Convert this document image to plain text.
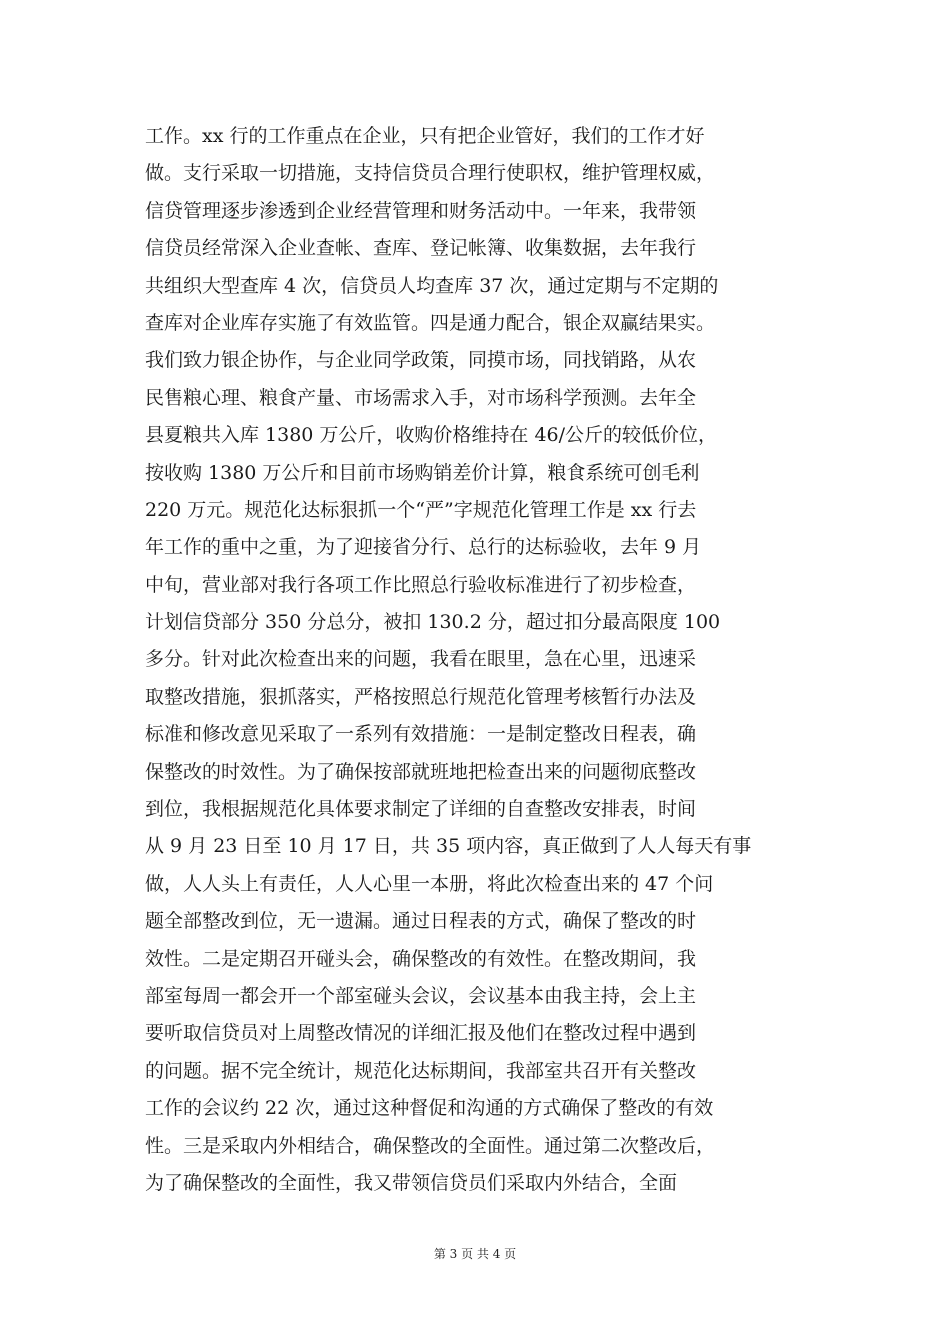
工作。xx 行的工作重点在企业，只有把企业管好，我们的工作才好
做。支行采取一切措施，支持信贷员合理行使职权，维护管理权威，
信贷管理逐步渗透到企业经营管理和财务活动中。一年来，我带领
信贷员经常深入企业查帐、查库、登记帐簿、收集数据，去年我行
共组织大型查库 4 次，信贷员人均查库 37 次，通过定期与不定期的
查库对企业库存实施了有效监管。四是通力配合，银企双赢结果实。
我们致力银企协作，与企业同学政策，同摸市场，同找销路，从农
民售粮心理、粮食产量、市场需求入手，对市场科学预测。去年全
县夏粮共入库 1380 万公斤，收购价格维持在 46/公斤的较低价位，
按收购 1380 万公斤和目前市场购销差价计算，粮食系统可创毛利
220 万元。规范化达标狠抓一个“严”字规范化管理工作是 xx 行去
年工作的重中之重，为了迎接省分行、总行的达标验收，去年 9 月
中旬，营业部对我行各项工作比照总行验收标准进行了初步检查，
计划信贷部分 350 分总分，被扣 130.2 分，超过扣分最高限度 100
多分。针对此次检查出来的问题，我看在眼里，急在心里，迅速采
取整改措施，狠抓落实，严格按照总行规范化管理考核暂行办法及
标准和修改意见采取了一系列有效措施：一是制定整改日程表，确
保整改的时效性。为了确保按部就班地把检查出来的问题彻底整改
到位，我根据规范化具体要求制定了详细的自查整改安排表，时间
从 9 月 23 日至 10 月 17 日，共 35 项内容，真正做到了人人每天有事
做，人人头上有责任，人人心里一本册，将此次检查出来的 47 个问
题全部整改到位，无一遗漏。通过日程表的方式，确保了整改的时
效性。二是定期召开碰头会，确保整改的有效性。在整改期间，我
部室每周一都会开一个部室碰头会议，会议基本由我主持，会上主
要听取信贷员对上周整改情况的详细汇报及他们在整改过程中遇到
的问题。据不完全统计，规范化达标期间，我部室共召开有关整改
工作的会议约 22 次，通过这种督促和沟通的方式确保了整改的有效
性。三是采取内外相结合，确保整改的全面性。通过第二次整改后，
为了确保整改的全面性，我又带领信贷员们采取内外结合，全面
第 3 页 共 4 页
